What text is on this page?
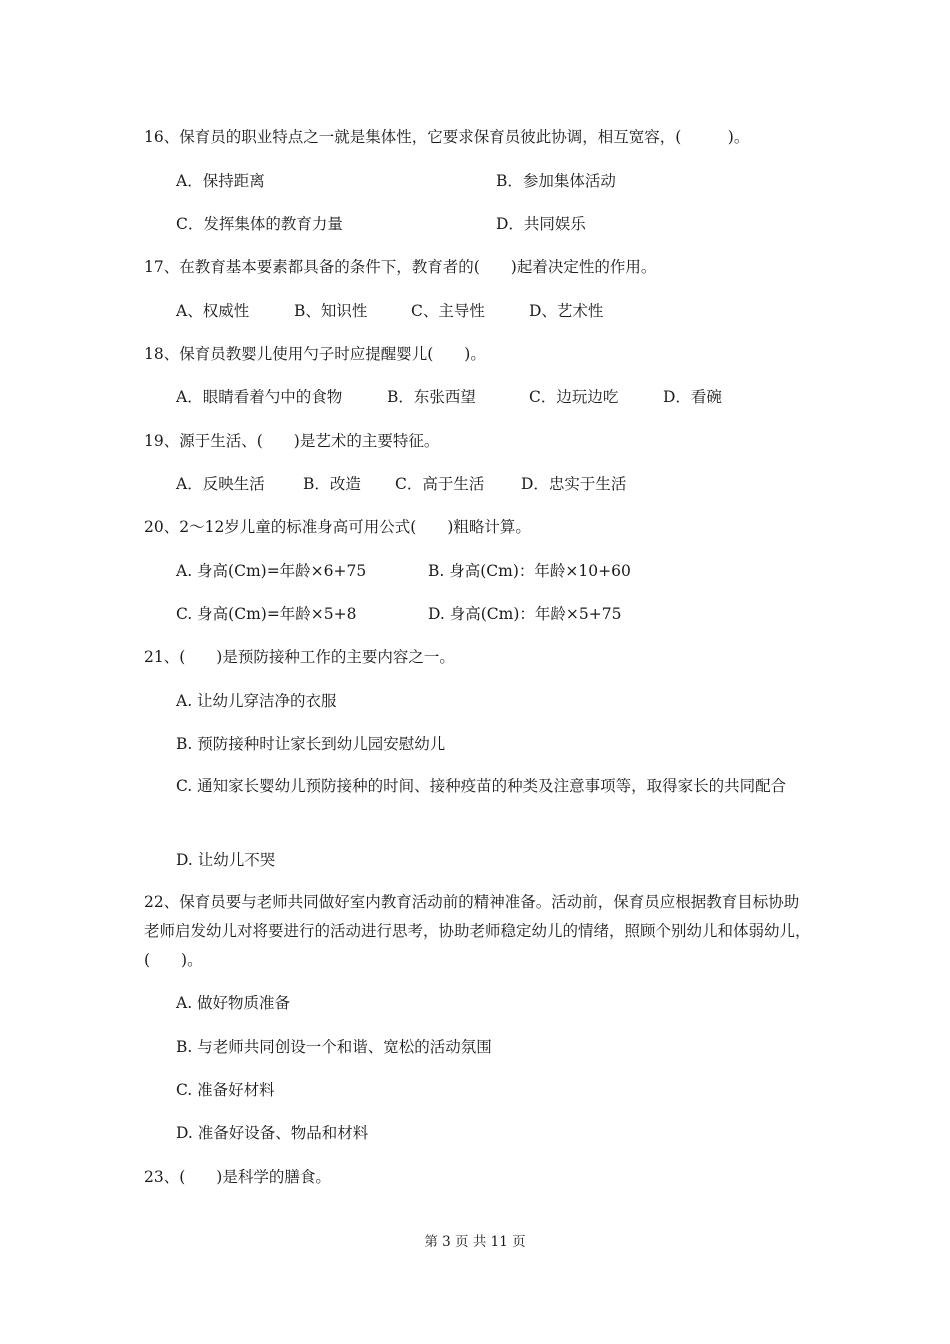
16、保育员的职业特点之一就是集体性，它要求保育员彼此协调，相互宽容，(　　　)。
A．保持距离	B．参加集体活动
C．发挥集体的教育力量	D．共同娱乐
17、在教育基本要素都具备的条件下，教育者的(　　)起着决定性的作用。
A、权威性	B、知识性	C、主导性	D、艺术性
18、保育员教婴儿使用勺子时应提醒婴儿(　　)。
A．眼睛看着勺中的食物	B．东张西望	C．边玩边吃	D．看碗
19、源于生活、(　　)是艺术的主要特征。
A．反映生活 B．改造 C．高于生活 D．忠实于生活
20、2～12岁儿童的标准身高可用公式(　　)粗略计算。
A. 身高(Cm)=年龄×6+75	B. 身高(Cm)：年龄×10+60
C. 身高(Cm)=年龄×5+8	D. 身高(Cm)：年龄×5+75
21、(　　)是预防接种工作的主要内容之一。
A. 让幼儿穿洁净的衣服
B. 预防接种时让家长到幼儿园安慰幼儿
C. 通知家长婴幼儿预防接种的时间、接种疫苗的种类及注意事项等，取得家长的共同配合
D. 让幼儿不哭
22、保育员要与老师共同做好室内教育活动前的精神准备。活动前，保育员应根据教育目标协助老师启发幼儿对将要进行的活动进行思考，协助老师稳定幼儿的情绪，照顾个别幼儿和体弱幼儿，(　　)。
A. 做好物质准备
B. 与老师共同创设一个和谐、宽松的活动氛围
C. 准备好材料
D. 准备好设备、物品和材料
23、(　　)是科学的膳食。
第 3 页 共 11 页
